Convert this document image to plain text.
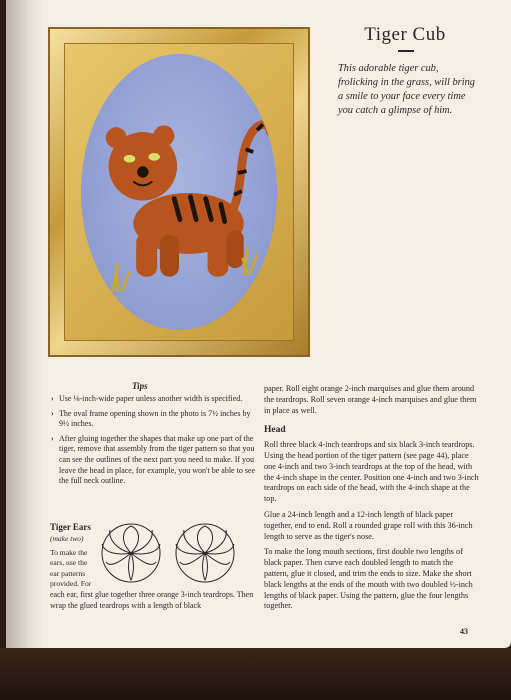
Tiger Cub
This adorable tiger cub, frolicking in the grass, will bring a smile to your face every time you catch a glimpse of him.
Tips
› Use ⅛-inch-wide paper unless another width is specified.
› The oval frame opening shown in the photo is 7½ inches by 9½ inches.
› After gluing together the shapes that make up one part of the tiger, remove that assembly from the tiger pattern so that you can see the outlines of the next part you need to make. If you leave the head in place, for example, you won't be able to see the full neck outline.
Tiger Ears
(make two)
To make the ears, use the ear patterns provided. For
each ear, first glue together three orange 3-inch teardrops. Then wrap the glued teardrops with a length of black

paper. Roll eight orange 2-inch marquises and glue them around the teardrops. Roll seven orange 4-inch marquises and glue them in place as well.

Head

Roll three black 4-inch teardrops and six black 3-inch teardrops. Using the head portion of the tiger pattern (see page 44), place one 4-inch and two 3-inch teardrops at the top of the head, with the 4-inch shape in the center. Position one 4-inch and two 3-inch teardrops on each side of the head, with the 4-inch shape at the top.

Glue a 24-inch length and a 12-inch length of black paper together, end to end. Roll a rounded grape roll with this 36-inch length to serve as the tiger's nose.

To make the long mouth sections, first double two lengths of black paper. Then curve each doubled length to match the pattern, glue it closed, and trim the ends to size. Make the short black lengths at the ends of the mouth with two doubled ½-inch lengths of black paper. Using the pattern, glue the four lengths together.

43
